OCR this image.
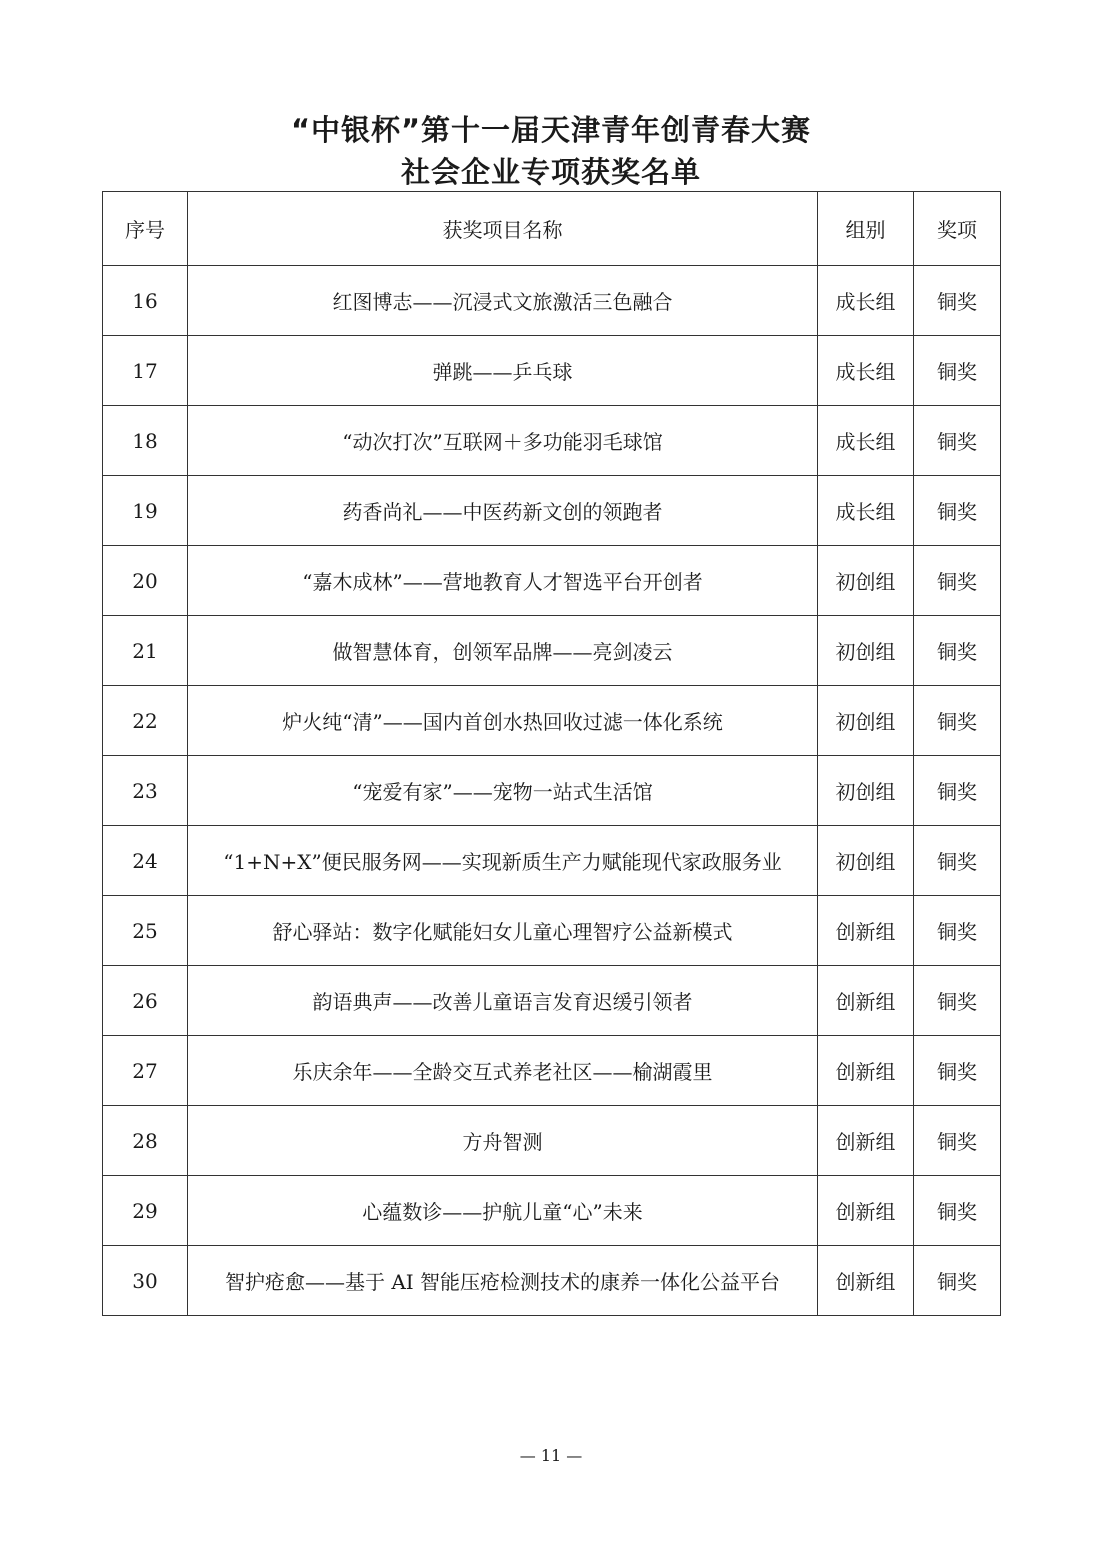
“中银杯”第十一届天津青年创青春大赛
社会企业专项获奖名单
序号	获奖项目名称	组别	奖项
16	红图博志——沉浸式文旅激活三色融合	成长组	铜奖
17	弹跳——乒乓球	成长组	铜奖
18	“动次打次”互联网＋多功能羽毛球馆	成长组	铜奖
19	药香尚礼——中医药新文创的领跑者	成长组	铜奖
20	“嘉木成林”——营地教育人才智选平台开创者	初创组	铜奖
21	做智慧体育，创领军品牌——亮剑凌云	初创组	铜奖
22	炉火纯“清”——国内首创水热回收过滤一体化系统	初创组	铜奖
23	“宠爱有家”——宠物一站式生活馆	初创组	铜奖
24	“1+N+X”便民服务网——实现新质生产力赋能现代家政服务业	初创组	铜奖
25	舒心驿站：数字化赋能妇女儿童心理智疗公益新模式	创新组	铜奖
26	韵语典声——改善儿童语言发育迟缓引领者	创新组	铜奖
27	乐庆余年——全龄交互式养老社区——榆湖霞里	创新组	铜奖
28	方舟智测	创新组	铜奖
29	心蕴数诊——护航儿童“心”未来	创新组	铜奖
30	智护疮愈——基于 AI 智能压疮检测技术的康养一体化公益平台	创新组	铜奖
— 11 —
